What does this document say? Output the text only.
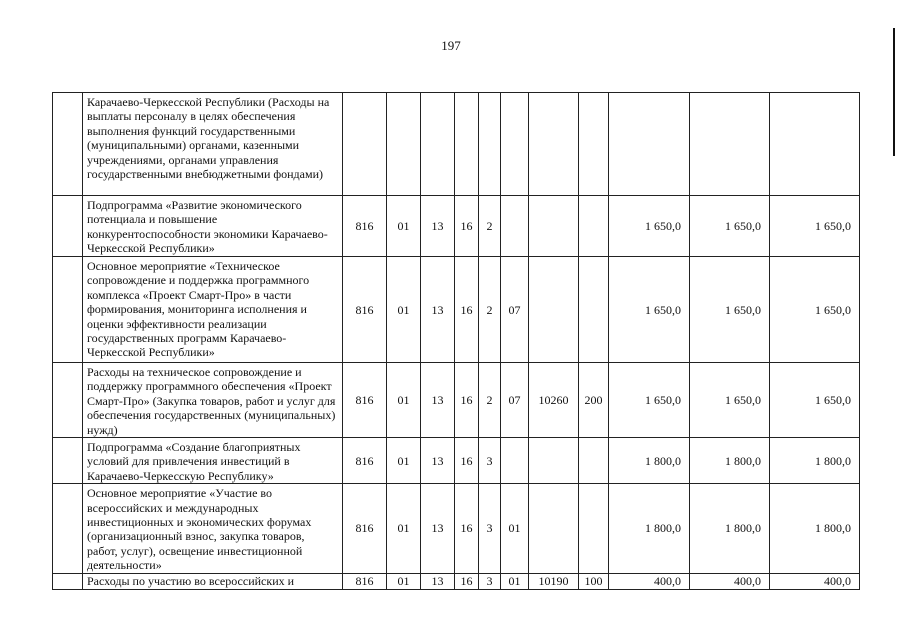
197
	Карачаево-Черкесской Республики (Расходы на выплаты персоналу в целях обеспечения выполнения функций государственными (муниципальными) органами, казенными учреждениями, органами управления государственными внебюджетными фондами)											
	Подпрограмма «Развитие экономического потенциала и повышение конкурентоспособности экономики Карачаево-Черкесской Республики»	816	01	13	16	2				1 650,0	1 650,0	1 650,0
	Основное мероприятие «Техническое сопровождение и поддержка программного комплекса «Проект Смарт-Про» в части формирования, мониторинга исполнения и оценки эффективности реализации государственных программ Карачаево-Черкесской Республики»	816	01	13	16	2	07			1 650,0	1 650,0	1 650,0
	Расходы на техническое сопровождение и поддержку программного обеспечения «Проект Смарт-Про» (Закупка товаров, работ и услуг для обеспечения государственных (муниципальных) нужд)	816	01	13	16	2	07	10260	200	1 650,0	1 650,0	1 650,0
	Подпрограмма «Создание благоприятных условий для привлечения инвестиций в Карачаево-Черкесскую Республику»	816	01	13	16	3				1 800,0	1 800,0	1 800,0
	Основное мероприятие «Участие во всероссийских и международных инвестиционных и экономических форумах (организационный взнос, закупка товаров, работ, услуг), освещение инвестиционной деятельности»	816	01	13	16	3	01			1 800,0	1 800,0	1 800,0
	Расходы по участию во всероссийских и	816	01	13	16	3	01	10190	100	400,0	400,0	400,0
